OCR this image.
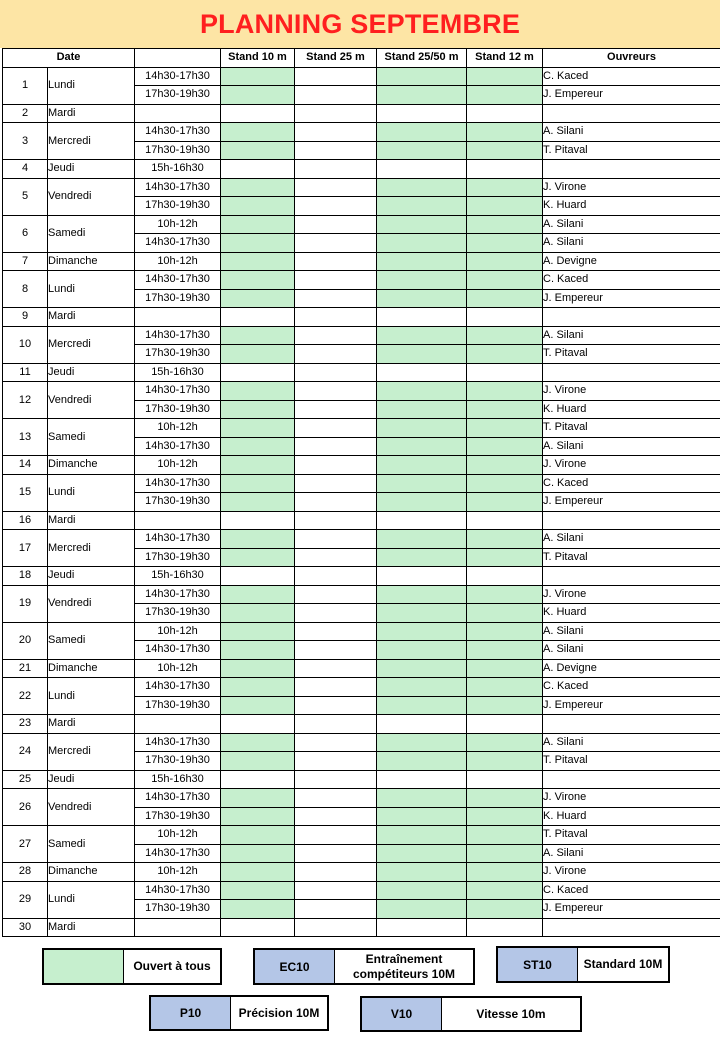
PLANNING SEPTEMBRE
Date			Stand 10 m	Stand 25 m	Stand 25/50 m	Stand 12 m	Ouvreurs
1	Lundi	14h30-17h30					C. Kaced
		17h30-19h30					J. Empereur
2	Mardi						
3	Mercredi	14h30-17h30					A. Silani
		17h30-19h30					T. Pitaval
4	Jeudi	15h-16h30					
5	Vendredi	14h30-17h30					J. Virone
		17h30-19h30					K. Huard
6	Samedi	10h-12h					A. Silani
		14h30-17h30					A. Silani
7	Dimanche	10h-12h					A. Devigne
8	Lundi	14h30-17h30					C. Kaced
		17h30-19h30					J. Empereur
9	Mardi						
10	Mercredi	14h30-17h30					A. Silani
		17h30-19h30					T. Pitaval
11	Jeudi	15h-16h30					
12	Vendredi	14h30-17h30					J. Virone
		17h30-19h30					K. Huard
13	Samedi	10h-12h					T. Pitaval
		14h30-17h30					A. Silani
14	Dimanche	10h-12h					J. Virone
15	Lundi	14h30-17h30					C. Kaced
		17h30-19h30					J. Empereur
16	Mardi						
17	Mercredi	14h30-17h30					A. Silani
		17h30-19h30					T. Pitaval
18	Jeudi	15h-16h30					
19	Vendredi	14h30-17h30					J. Virone
		17h30-19h30					K. Huard
20	Samedi	10h-12h					A. Silani
		14h30-17h30					A. Silani
21	Dimanche	10h-12h					A. Devigne
22	Lundi	14h30-17h30					C. Kaced
		17h30-19h30					J. Empereur
23	Mardi						
24	Mercredi	14h30-17h30					A. Silani
		17h30-19h30					T. Pitaval
25	Jeudi	15h-16h30					
26	Vendredi	14h30-17h30					J. Virone
		17h30-19h30					K. Huard
27	Samedi	10h-12h					T. Pitaval
		14h30-17h30					A. Silani
28	Dimanche	10h-12h					J. Virone
29	Lundi	14h30-17h30					C. Kaced
		17h30-19h30					J. Empereur
30	Mardi						
Ouvert à tous	EC10
Entraînement compétiteurs 10M
ST10	Standard 10M
P10	Précision 10M	V10	Vitesse 10m
